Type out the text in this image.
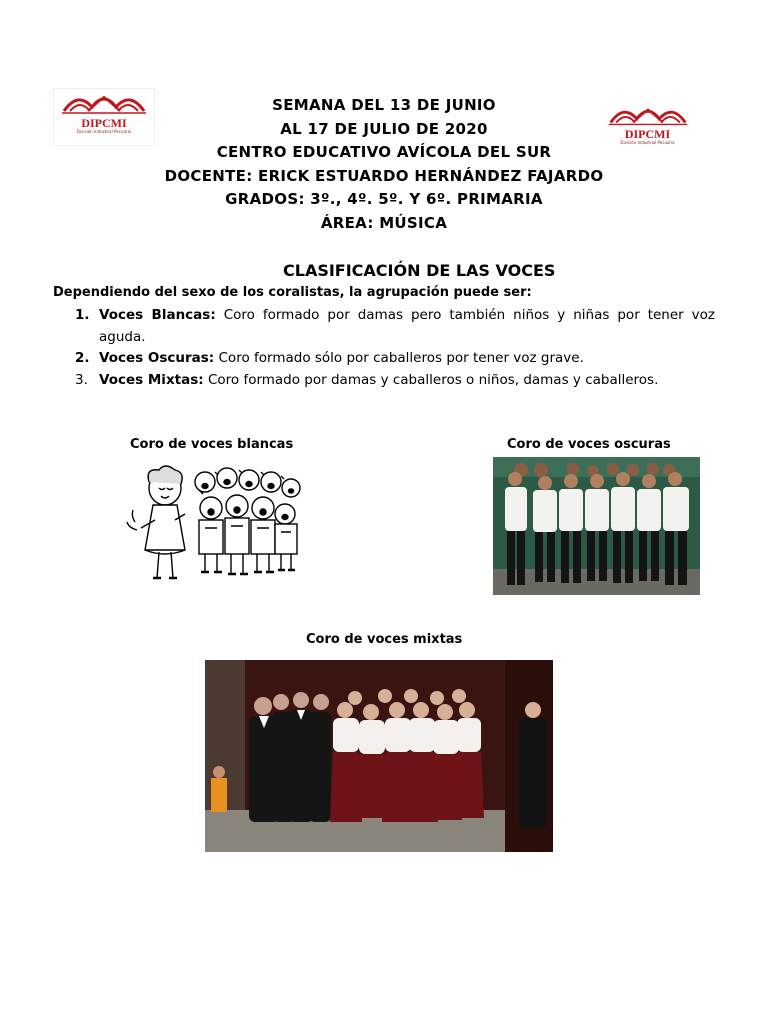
DIPCMI
División Industrial Pecuaria	DIPCMI
División Industrial Pecuaria
SEMANA DEL 13 DE JUNIO
AL 17 DE JULIO DE 2020
CENTRO EDUCATIVO AVÍCOLA DEL SUR
DOCENTE: ERICK ESTUARDO HERNÁNDEZ FAJARDO
GRADOS: 3º., 4º. 5º. Y 6º. PRIMARIA
ÁREA: MÚSICA
CLASIFICACIÓN DE LAS VOCES
Dependiendo del sexo de los coralistas, la agrupación puede ser:
1. Voces Blancas: Coro formado por damas pero también niños y niñas por tener voz aguda.
2. Voces Oscuras: Coro formado sólo por caballeros por tener voz grave.
3. Voces Mixtas: Coro formado por damas y caballeros o niños, damas y caballeros.
Coro de voces blancas	Coro de voces oscuras
Coro de voces mixtas
